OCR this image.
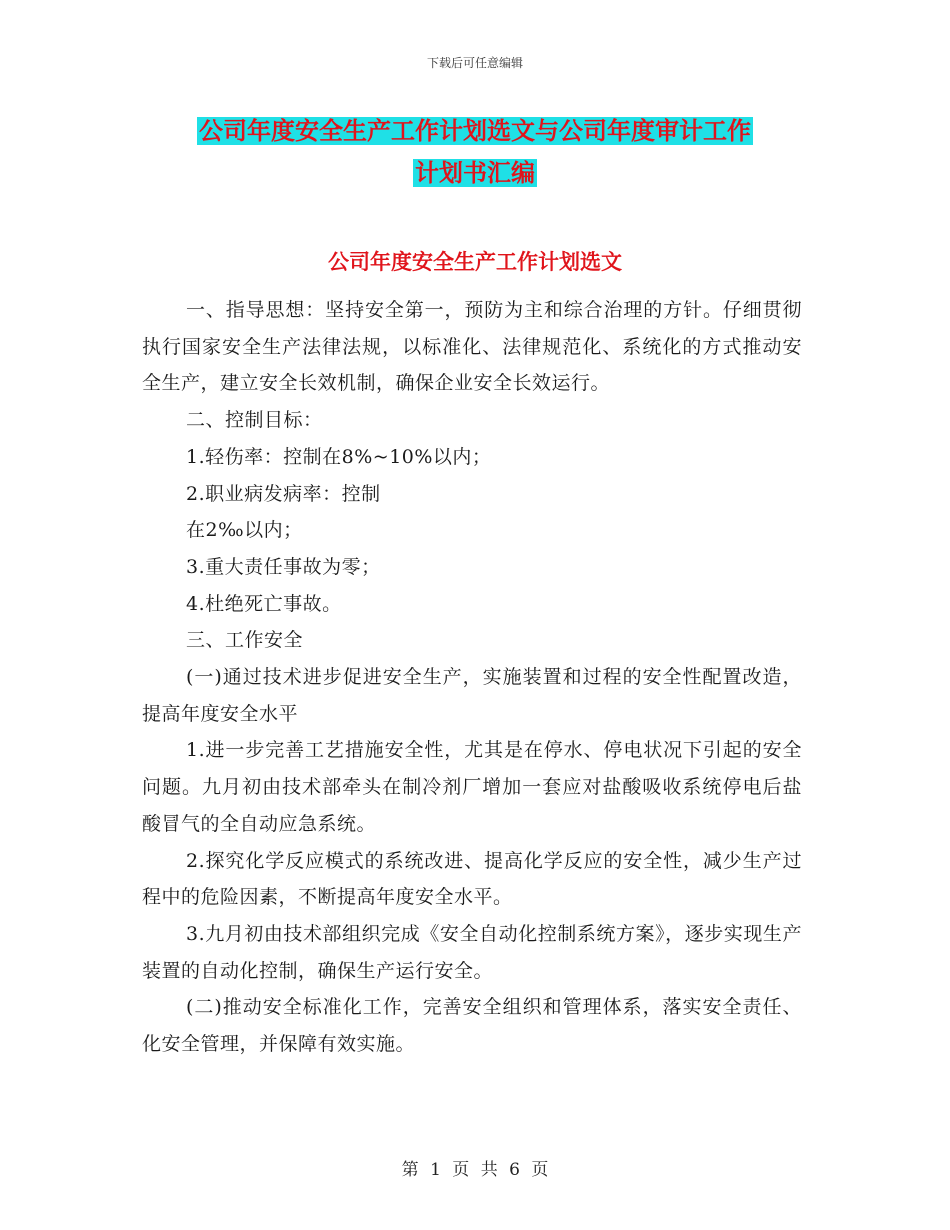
下载后可任意编辑
公司年度安全生产工作计划选文与公司年度审计工作
计划书汇编
公司年度安全生产工作计划选文

一、指导思想：坚持安全第一，预防为主和综合治理的方针。仔细贯彻执行国家安全生产法律法规，以标准化、法律规范化、系统化的方式推动安全生产，建立安全长效机制，确保企业安全长效运行。

二、控制目标：

1.轻伤率：控制在8%~10%以内；

2.职业病发病率：控制

在2‰以内；

3.重大责任事故为零；

4.杜绝死亡事故。

三、工作安全

(一)通过技术进步促进安全生产，实施装置和过程的安全性配置改造，提高年度安全水平

1.进一步完善工艺措施安全性，尤其是在停水、停电状况下引起的安全问题。九月初由技术部牵头在制冷剂厂增加一套应对盐酸吸收系统停电后盐酸冒气的全自动应急系统。

2.探究化学反应模式的系统改进、提高化学反应的安全性，减少生产过程中的危险因素，不断提高年度安全水平。

3.九月初由技术部组织完成《安全自动化控制系统方案》，逐步实现生产装置的自动化控制，确保生产运行安全。

(二)推动安全标准化工作，完善安全组织和管理体系，落实安全责任、化安全管理，并保障有效实施。

第 1 页 共 6 页
